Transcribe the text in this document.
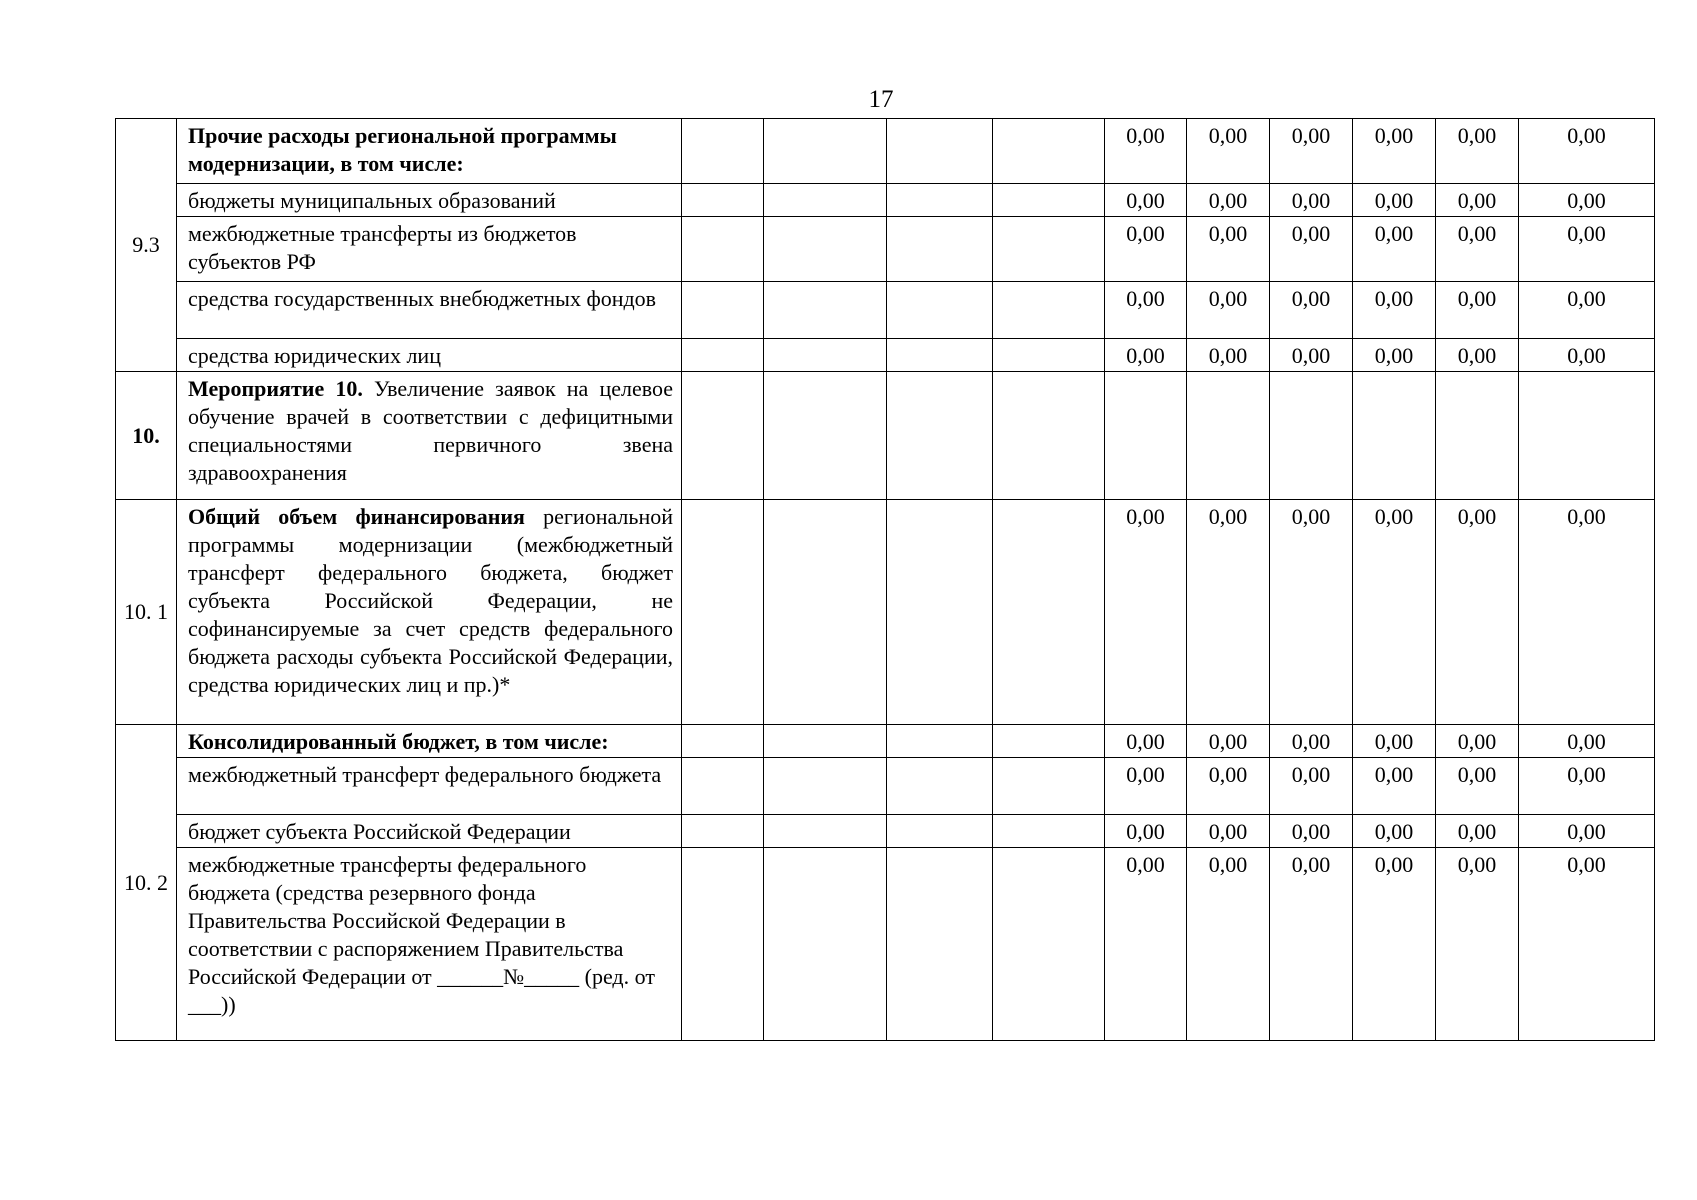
17
9.3	Прочие расходы региональной программы модернизации, в том числе:					0,00	0,00	0,00	0,00	0,00	0,00
	бюджеты муниципальных образований					0,00	0,00	0,00	0,00	0,00	0,00
	межбюджетные трансферты из бюджетов субъектов РФ					0,00	0,00	0,00	0,00	0,00	0,00
	средства государственных внебюджетных фондов					0,00	0,00	0,00	0,00	0,00	0,00
	средства юридических лиц					0,00	0,00	0,00	0,00	0,00	0,00
10.	Мероприятие 10. Увеличение заявок на целевое обучение врачей в соответствии с дефицитными специальностями первичного звена здравоохранения										
10. 1	Общий объем финансирования региональной программы модернизации (межбюджетный трансферт федерального бюджета, бюджет субъекта Российской Федерации, не софинансируемые за счет средств федерального бюджета расходы субъекта Российской Федерации, средства юридических лиц и пр.)*					0,00	0,00	0,00	0,00	0,00	0,00
10. 2	Консолидированный бюджет, в том числе:					0,00	0,00	0,00	0,00	0,00	0,00
	межбюджетный трансферт федерального бюджета					0,00	0,00	0,00	0,00	0,00	0,00
	бюджет субъекта Российской Федерации					0,00	0,00	0,00	0,00	0,00	0,00
	межбюджетные трансферты федерального бюджета (средства резервного фонда Правительства Российской Федерации в соответствии с распоряжением Правительства Российской Федерации от ______№_____ (ред. от ___))					0,00	0,00	0,00	0,00	0,00	0,00
